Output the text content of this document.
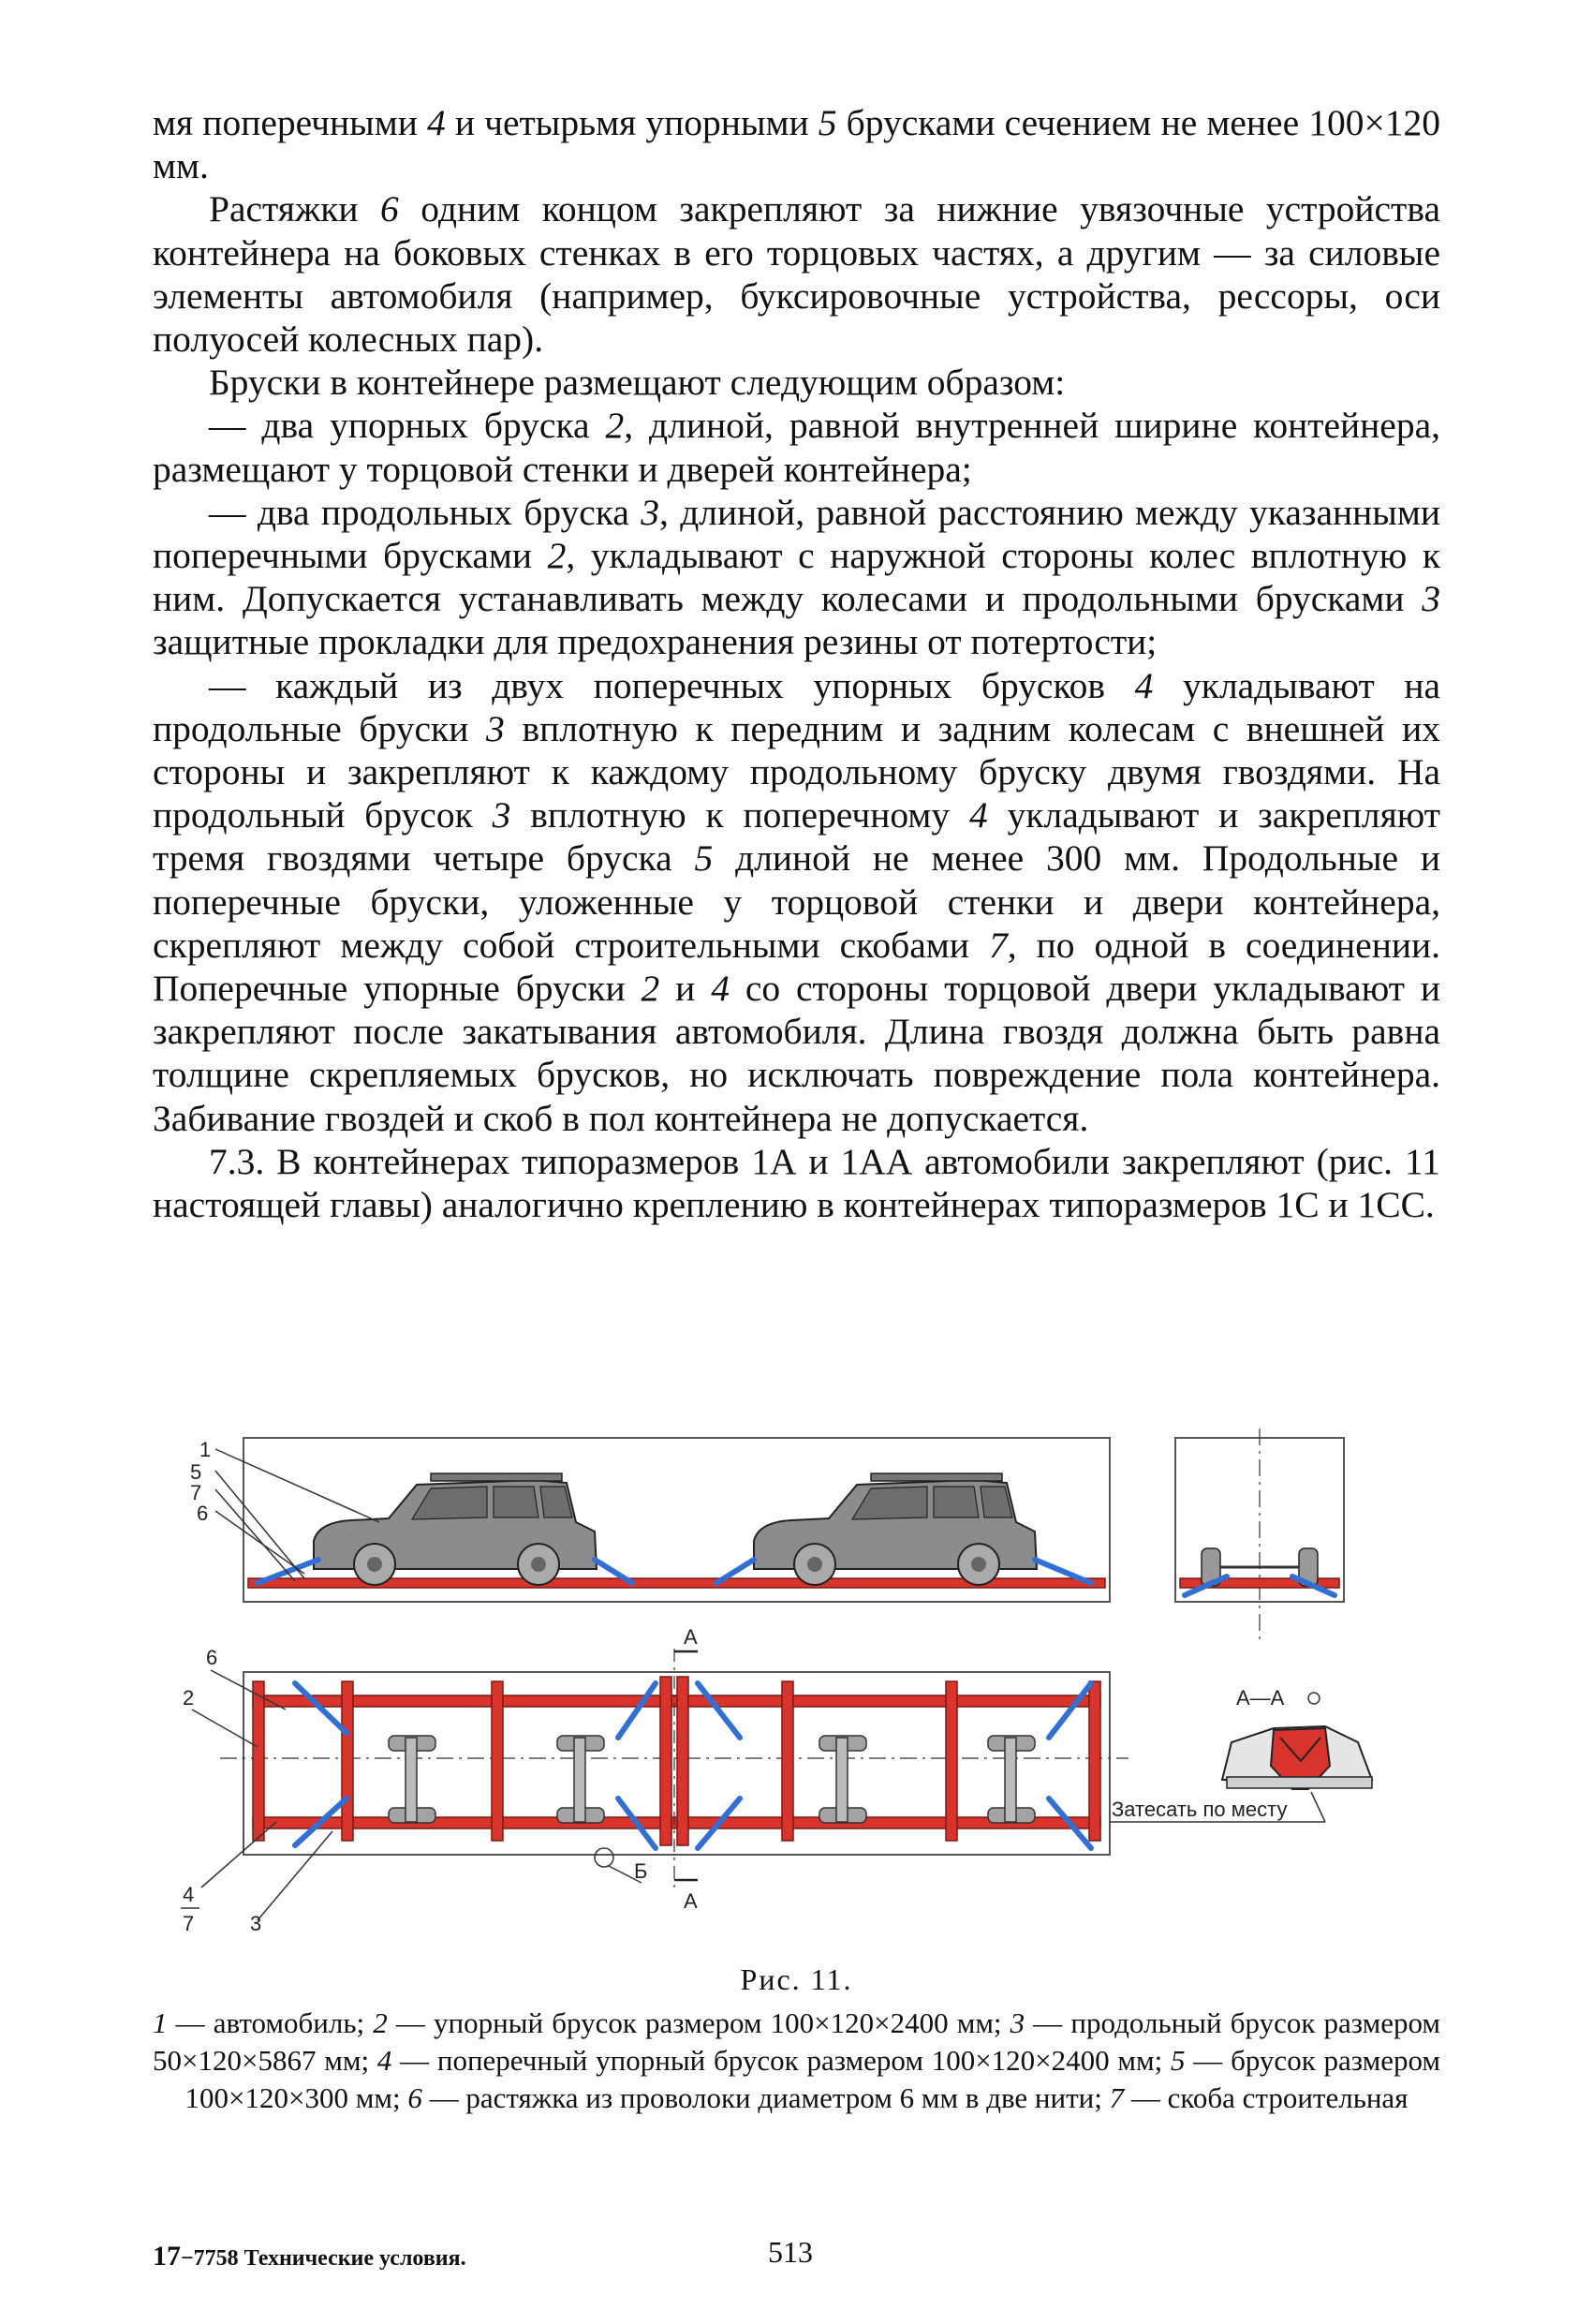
мя поперечными 4 и четырьмя упорными 5 брусками сечением не менее 100×120 мм.

Растяжки 6 одним концом закрепляют за нижние увязочные устройства контейнера на боковых стенках в его торцовых частях, а другим — за силовые элементы автомобиля (например, буксировочные устройства, рессоры, оси полуосей колесных пар).

Бруски в контейнере размещают следующим образом:

— два упорных бруска 2, длиной, равной внутренней ширине контейнера, размещают у торцовой стенки и дверей контейнера;

— два продольных бруска 3, длиной, равной расстоянию между указанными поперечными брусками 2, укладывают с наружной стороны колес вплотную к ним. Допускается устанавливать между колесами и продольными брусками 3 защитные прокладки для предохранения резины от потертости;

— каждый из двух поперечных упорных брусков 4 укладывают на продольные бруски 3 вплотную к передним и задним колесам с внешней их стороны и закрепляют к каждому продольному бруску двумя гвоздями. На продольный брусок 3 вплотную к поперечному 4 укладывают и закрепляют тремя гвоздями четыре бруска 5 длиной не менее 300 мм. Продольные и поперечные бруски, уложенные у торцовой стенки и двери контейнера, скрепляют между собой строительными скобами 7, по одной в соединении. Поперечные упорные бруски 2 и 4 со стороны торцовой двери укладывают и закрепляют после закатывания автомобиля. Длина гвоздя должна быть равна толщине скрепляемых брусков, но исключать повреждение пола контейнера. Забивание гвоздей и скоб в пол контейнера не допускается.

7.3. В контейнерах типоразмеров 1А и 1АА автомобили закрепляют (рис. 11 настоящей главы) аналогично креплению в контейнерах типоразмеров 1С и 1СС.

1
5
7
6
A
A
Б
6
2
4
7	3
А—А
Затесать по месту
Рис. 11.
1 — автомобиль; 2 — упорный брусок размером 100×120×2400 мм; 3 — продольный брусок размером 50×120×5867 мм; 4 — поперечный упорный брусок размером 100×120×2400 мм; 5 — брусок размером 100×120×300 мм; 6 — растяжка из проволоки диаметром 6 мм в две нити; 7 — скоба строительная
17−7758 Технические условия.	513
